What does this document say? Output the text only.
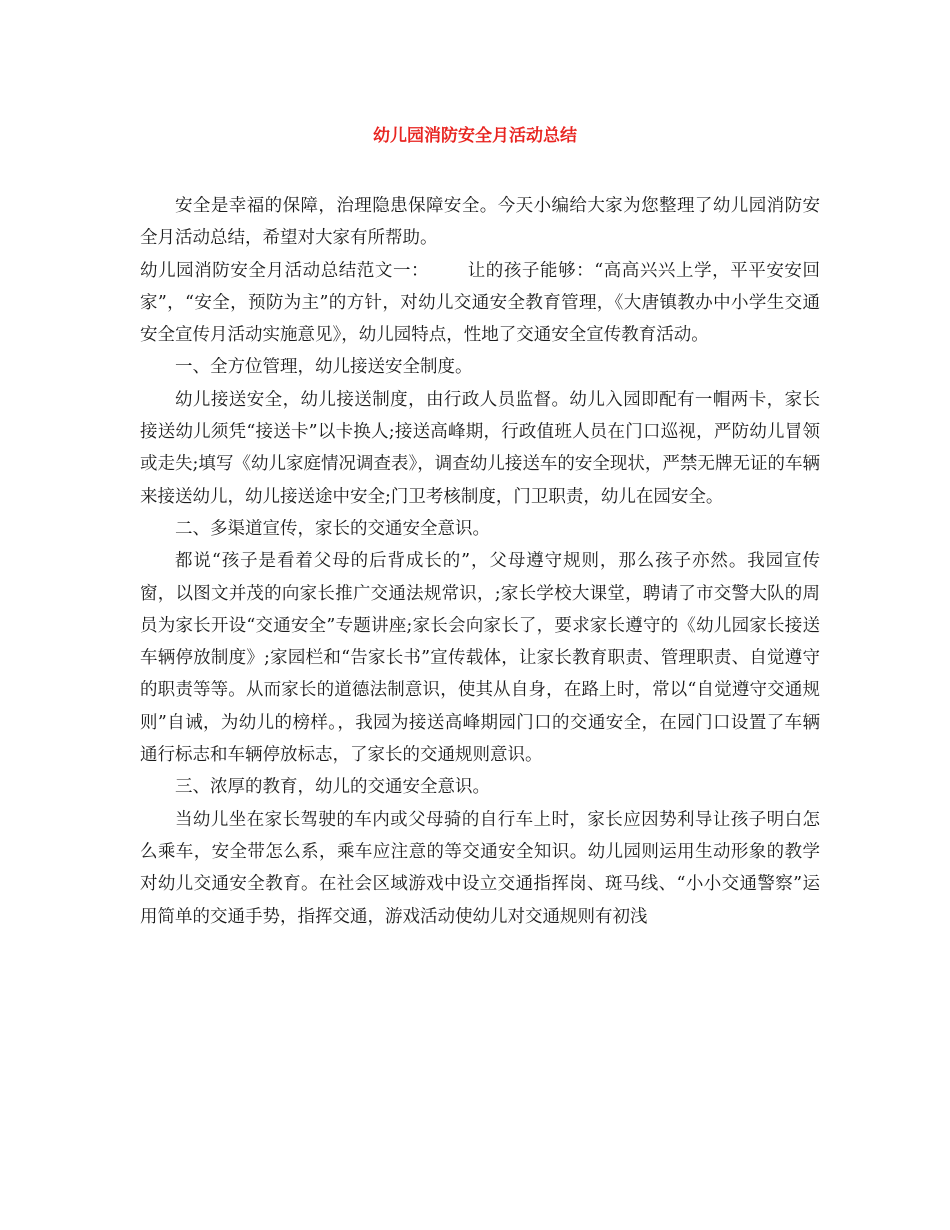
幼儿园消防安全月活动总结

安全是幸福的保障，治理隐患保障安全。今天小编给大家为您整理了幼儿园消防安全月活动总结，希望对大家有所帮助。

幼儿园消防安全月活动总结范文一： 让的孩子能够：“高高兴兴上学，平平安安回家”，“安全，预防为主”的方针，对幼儿交通安全教育管理，《大唐镇教办中小学生交通安全宣传月活动实施意见》，幼儿园特点，性地了交通安全宣传教育活动。

一、全方位管理，幼儿接送安全制度。

幼儿接送安全，幼儿接送制度，由行政人员监督。幼儿入园即配有一帽两卡，家长接送幼儿须凭“接送卡”以卡换人;接送高峰期，行政值班人员在门口巡视，严防幼儿冒领或走失;填写《幼儿家庭情况调查表》，调查幼儿接送车的安全现状，严禁无牌无证的车辆来接送幼儿，幼儿接送途中安全;门卫考核制度，门卫职责，幼儿在园安全。

二、多渠道宣传，家长的交通安全意识。

都说“孩子是看着父母的后背成长的”，父母遵守规则，那么孩子亦然。我园宣传窗，以图文并茂的向家长推广交通法规常识，;家长学校大课堂，聘请了市交警大队的周员为家长开设“交通安全”专题讲座;家长会向家长了，要求家长遵守的《幼儿园家长接送车辆停放制度》;家园栏和“告家长书”宣传载体，让家长教育职责、管理职责、自觉遵守的职责等等。从而家长的道德法制意识，使其从自身，在路上时，常以“自觉遵守交通规则”自诫，为幼儿的榜样。，我园为接送高峰期园门口的交通安全，在园门口设置了车辆通行标志和车辆停放标志，了家长的交通规则意识。

三、浓厚的教育，幼儿的交通安全意识。

当幼儿坐在家长驾驶的车内或父母骑的自行车上时，家长应因势利导让孩子明白怎么乘车，安全带怎么系，乘车应注意的等交通安全知识。幼儿园则运用生动形象的教学对幼儿交通安全教育。在社会区域游戏中设立交通指挥岗、斑马线、“小小交通警察”运用简单的交通手势，指挥交通，游戏活动使幼儿对交通规则有初浅
